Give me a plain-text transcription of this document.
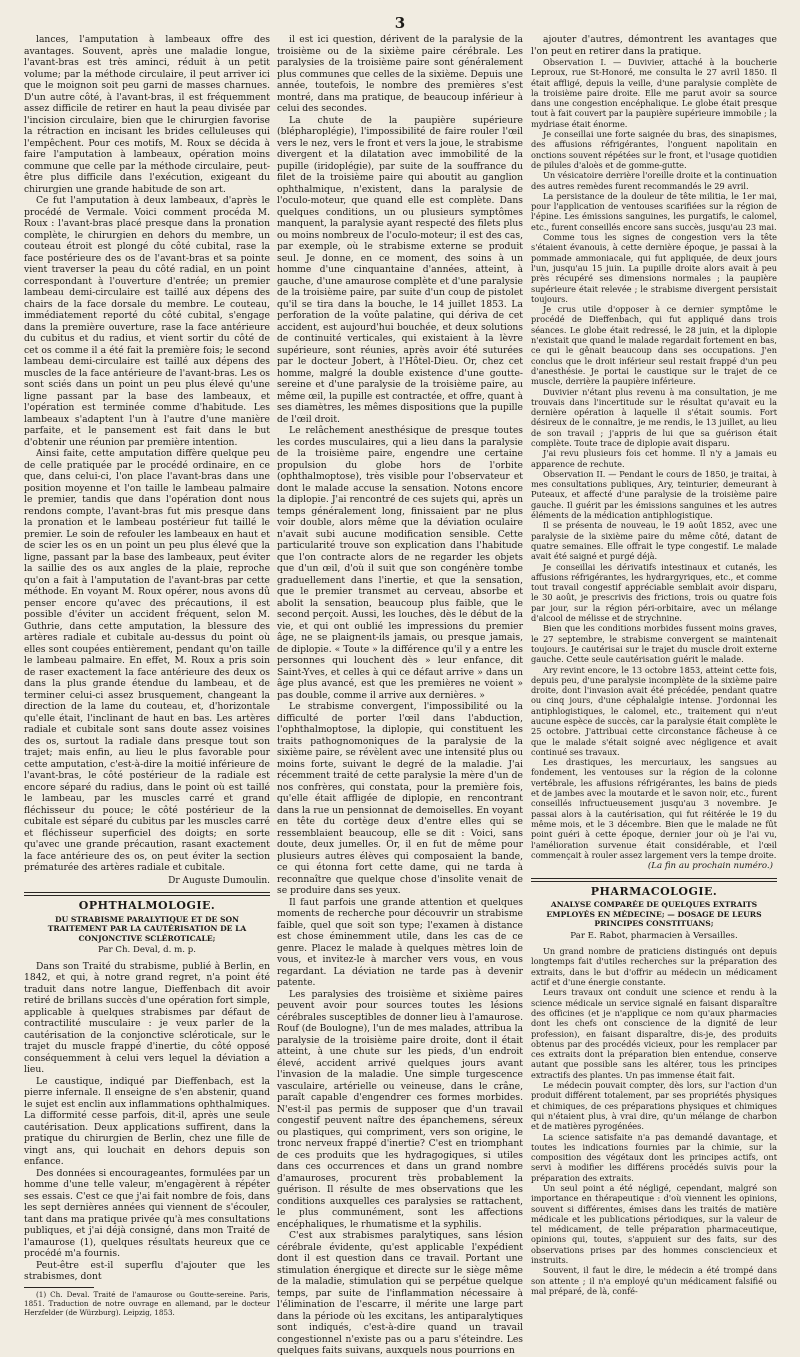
3

lances, l'amputation à lambeaux offre des avantages. Souvent, après une maladie longue, l'avant-bras est très aminci, réduit à un petit volume; par la méthode circulaire, il peut arriver ici que le moignon soit peu garni de masses charnues. D'un autre côté, à l'avant-bras, il est fréquemment assez difficile de retirer en haut la peau divisée par l'incision circulaire, bien que le chirurgien favorise la rétraction en incisant les brides celluleuses qui l'empêchent. Pour ces motifs, M. Roux se décida à faire l'amputation à lambeaux, opération moins commune que celle par la méthode circulaire, peut-être plus difficile dans l'exécution, exigeant du chirurgien une grande habitude de son art.

Ce fut l'amputation à deux lambeaux, d'après le procédé de Vermale. Voici comment procéda M. Roux : l'avant-bras placé presque dans la pronation complète, le chirurgien en dehors du membre, un couteau étroit est plongé du côté cubital, rase la face postérieure des os de l'avant-bras et sa pointe vient traverser la peau du côté radial, en un point correspondant à l'ouverture d'entrée; un premier lambeau demi-circulaire est taillé aux dépens des chairs de la face dorsale du membre. Le couteau, immédiatement reporté du côté cubital, s'engage dans la première ouverture, rase la face antérieure du cubitus et du radius, et vient sortir du côté de cet os comme il a été fait la première fois; le second lambeau demi-circulaire est taillé aux dépens des muscles de la face antérieure de l'avant-bras. Les os sont sciés dans un point un peu plus élevé qu'une ligne passant par la base des lambeaux, et l'opération est terminée comme d'habitude. Les lambeaux s'adaptent l'un à l'autre d'une manière parfaite, et le pansement est fait dans le but d'obtenir une réunion par première intention.

Ainsi faite, cette amputation diffère quelque peu de celle pratiquée par le procédé ordinaire, en ce que, dans celui-ci, l'on place l'avant-bras dans une position moyenne et l'on taille le lambeau palmaire le premier, tandis que dans l'opération dont nous rendons compte, l'avant-bras fut mis presque dans la pronation et le lambeau postérieur fut taillé le premier. Le soin de refouler les lambeaux en haut et de scier les os en un point un peu plus élevé que la ligne, passant par la base des lambeaux, peut éviter la saillie des os aux angles de la plaie, reproche qu'on a fait à l'amputation de l'avant-bras par cette méthode. En voyant M. Roux opérer, nous avons dû penser encore qu'avec des précautions, il est possible d'éviter un accident fréquent, selon M. Guthrie, dans cette amputation, la blessure des artères radiale et cubitale au-dessus du point où elles sont coupées entièrement, pendant qu'on taille le lambeau palmaire. En effet, M. Roux a pris soin de raser exactement la face antérieure des deux os dans la plus grande étendue du lambeau, et de terminer celui-ci assez brusquement, changeant la direction de la lame du couteau, et, d'horizontale qu'elle était, l'inclinant de haut en bas. Les artères radiale et cubitale sont sans doute assez voisines des os, surtout la radiale dans presque tout son trajet; mais enfin, au lieu le plus favorable pour cette amputation, c'est-à-dire la moitié inférieure de l'avant-bras, le côté postérieur de la radiale est encore séparé du radius, dans le point où est taillé le lambeau, par les muscles carré et grand fléchisseur du pouce; le côté postérieur de la cubitale est séparé du cubitus par les muscles carré et fléchisseur superficiel des doigts; en sorte qu'avec une grande précaution, rasant exactement la face antérieure des os, on peut éviter la section prématurée des artères radiale et cubitale.

Dr Auguste Dumoulin.
OPHTHALMOLOGIE.
DU STRABISME PARALYTIQUE ET DE SON TRAITEMENT PAR LA CAUTÉRISATION DE LA CONJONCTIVE SCLÉROTICALE;
Par Ch. Deval, d. m. p.

Dans son Traité du strabisme, publié à Berlin, en 1842, et qui, à notre grand regret, n'a point été traduit dans notre langue, Dieffenbach dit avoir retiré de brillans succès d'une opération fort simple, applicable à quelques strabismes par défaut de contractilité musculaire : je veux parler de la cautérisation de la conjonctive scléroticale, sur le trajet du muscle frappé d'inertie, du côté opposé conséquemment à celui vers lequel la déviation a lieu.

Le caustique, indiqué par Dieffenbach, est la pierre infernale. Il enseigne de s'en abstenir, quand le sujet est enclin aux inflammations ophthalmiques. La difformité cesse parfois, dit-il, après une seule cautérisation. Deux applications suffirent, dans la pratique du chirurgien de Berlin, chez une fille de vingt ans, qui louchait en dehors depuis son enfance.

Des données si encourageantes, formulées par un homme d'une telle valeur, m'engagèrent à répéter ses essais. C'est ce que j'ai fait nombre de fois, dans les sept dernières années qui viennent de s'écouler, tant dans ma pratique privée qu'à mes consultations publiques, et j'ai déjà consigné, dans mon Traité de l'amaurose (1), quelques résultats heureux que ce procédé m'a fournis.

Peut-être est-il superflu d'ajouter que les strabismes, dont

(1) Ch. Deval. Traité de l'amaurose ou Goutte-sereine. Paris, 1851. Traduction de notre ouvrage en allemand, par le docteur Herzfelder (de Würzburg). Leipzig, 1853.

il est ici question, dérivent de la paralysie de la troisième ou de la sixième paire cérébrale. Les paralysies de la troisième paire sont généralement plus communes que celles de la sixième. Depuis une année, toutefois, le nombre des premières s'est montré, dans ma pratique, de beaucoup inférieur à celui des secondes.

La chute de la paupière supérieure (blépharoplégie), l'impossibilité de faire rouler l'œil vers le nez, vers le front et vers la joue, le strabisme divergent et la dilatation avec immobilité de la pupille (iridoplégie), par suite de la souffrance du filet de la troisième paire qui aboutit au ganglion ophthalmique, n'existent, dans la paralysie de l'oculo-moteur, que quand elle est complète. Dans quelques conditions, un ou plusieurs symptômes manquent, la paralysie ayant respecté des filets plus ou moins nombreux de l'oculo-moteur; il est des cas, par exemple, où le strabisme externe se produit seul. Je donne, en ce moment, des soins à un homme d'une cinquantaine d'années, atteint, à gauche, d'une amaurose complète et d'une paralysie de la troisième paire, par suite d'un coup de pistolet qu'il se tira dans la bouche, le 14 juillet 1853. La perforation de la voûte palatine, qui dériva de cet accident, est aujourd'hui bouchée, et deux solutions de continuité verticales, qui existaient à la lèvre supérieure, sont réunies, après avoir été suturées par le docteur Jobert, à l'Hôtel-Dieu. Or, chez cet homme, malgré la double existence d'une goutte-sereine et d'une paralysie de la troisième paire, au même œil, la pupille est contractée, et offre, quant à ses diamètres, les mêmes dispositions que la pupille de l'œil droit.

Le relâchement anesthésique de presque toutes les cordes musculaires, qui a lieu dans la paralysie de la troisième paire, engendre une certaine propulsion du globe hors de l'orbite (ophthalmoptose), très visible pour l'observateur et dont le malade accuse la sensation. Notons encore la diplopie. J'ai rencontré de ces sujets qui, après un temps généralement long, finissaient par ne plus voir double, alors même que la déviation oculaire n'avait subi aucune modification sensible. Cette particularité trouve son explication dans l'habitude que l'on contracte alors de ne regarder les objets que d'un œil, d'où il suit que son congénère tombe graduellement dans l'inertie, et que la sensation, que le premier transmet au cerveau, absorbe et abolit la sensation, beaucoup plus faible, que le second perçoit. Aussi, les louches, dès le début de la vie, et qui ont oublié les impressions du premier âge, ne se plaignent-ils jamais, ou presque jamais, de diplopie. « Toute » la différence qu'il y a entre les personnes qui louchent dès » leur enfance, dit Saint-Yves, et celles à qui ce défaut arrive » dans un âge plus avancé, est que les premières ne voient » pas double, comme il arrive aux dernières. »

Le strabisme convergent, l'impossibilité ou la difficulté de porter l'œil dans l'abduction, l'ophthalmoptose, la diplopie, qui constituent les traits pathognomoniques de la paralysie de la sixième paire, se révèlent avec une intensité plus ou moins forte, suivant le degré de la maladie. J'ai récemment traité de cette paralysie la mère d'un de nos confrères, qui constata, pour la première fois, qu'elle était affligée de diplopie, en rencontrant dans la rue un pensionnat de demoiselles. En voyant en tête du cortège deux d'entre elles qui se ressemblaient beaucoup, elle se dit : Voici, sans doute, deux jumelles. Or, il en fut de même pour plusieurs autres élèves qui composaient la bande, ce qui étonna fort cette dame, qui ne tarda à reconnaître que quelque chose d'insolite venait de se produire dans ses yeux.

Il faut parfois une grande attention et quelques moments de recherche pour découvrir un strabisme faible, quel que soit son type; l'examen à distance est chose éminemment utile, dans les cas de ce genre. Placez le malade à quelques mètres loin de vous, et invitez-le à marcher vers vous, en vous regardant. La déviation ne tarde pas à devenir patente.

Les paralysies des troisième et sixième paires peuvent avoir pour sources toutes les lésions cérébrales susceptibles de donner lieu à l'amaurose. Rouf (de Boulogne), l'un de mes malades, attribua la paralysie de la troisième paire droite, dont il était atteint, à une chute sur les pieds, d'un endroit élevé, accident arrivé quelques jours avant l'invasion de la maladie. Une simple turgescence vasculaire, artérielle ou veineuse, dans le crâne, paraît capable d'engendrer ces formes morbides. N'est-il pas permis de supposer que d'un travail congestif peuvent naître des épanchemens, séreux ou plastiques, qui compriment, vers son origine, le tronc nerveux frappé d'inertie? C'est en triomphant de ces produits que les hydragogiques, si utiles dans ces occurrences et dans un grand nombre d'amauroses, procurent très probablement la guérison. Il résulte de mes observations que les conditions auxquelles ces paralysies se rattachent, le plus communément, sont les affections encéphaliques, le rhumatisme et la syphilis.

C'est aux strabismes paralytiques, sans lésion cérébrale évidente, qu'est applicable l'expédient dont il est question dans ce travail. Portant une stimulation énergique et directe sur le siège même de la maladie, stimulation qui se perpétue quelque temps, par suite de l'inflammation nécessaire à l'élimination de l'escarre, il mérite une large part dans la période où les excitans, les antiparalytiques sont indiqués, c'est-à-dire quand un travail congestionnel n'existe pas ou a paru s'éteindre. Les quelques faits suivans, auxquels nous pourrions en

ajouter d'autres, démontrent les avantages que l'on peut en retirer dans la pratique.

Observation I. — Duvivier, attaché à la boucherie Leproux, rue St-Honoré, me consulta le 27 avril 1850. Il était affligé, depuis la veille, d'une paralysie complète de la troisième paire droite. Elle me parut avoir sa source dans une congestion encéphalique. Le globe était presque tout à fait couvert par la paupière supérieure immobile ; la mydriase était énorme.

Je conseillai une forte saignée du bras, des sinapismes, des affusions réfrigérantes, l'onguent napolitain en onctions souvent répétées sur le front, et l'usage quotidien de pilules d'aloès et de gomme-gutte.

Un vésicatoire derrière l'oreille droite et la continuation des autres remèdes furent recommandés le 29 avril.

La persistance de la douleur de tête militia, le 1er mai, pour l'application de ventouses scarifiées sur la région de l'épine. Les émissions sanguines, les purgatifs, le calomel, etc., furent conseillés encore sans succès, jusqu'au 23 mai.

Comme tous les signes de congestion vers la tête s'étaient évanouis, à cette dernière époque, je passai à la pommade ammoniacale, qui fut appliquée, de deux jours l'un, jusqu'au 15 juin. La pupille droite alors avait à peu près récupéré ses dimensions normales ; la paupière supérieure était relevée ; le strabisme divergent persistait toujours.

Je crus utile d'opposer à ce dernier symptôme le procédé de Dieffenbach, qui fut appliqué dans trois séances. Le globe était redressé, le 28 juin, et la diplopie n'existait que quand le malade regardait fortement en bas, ce qui le gênait beaucoup dans ses occupations. J'en conclus que le droit inférieur seul restait frappé d'un peu d'anesthésie. Je portai le caustique sur le trajet de ce muscle, derrière la paupière inférieure.

Duvivier n'étant plus revenu à ma consultation, je me trouvais dans l'incertitude sur le résultat qu'avait eu la dernière opération à laquelle il s'était soumis. Fort désireux de le connaître, je me rendis, le 13 juillet, au lieu de son travail ; j'appris de lui que sa guérison était complète. Toute trace de diplopie avait disparu.

J'ai revu plusieurs fois cet homme. Il n'y a jamais eu apparence de rechute.

Observation II. — Pendant le cours de 1850, je traitai, à mes consultations publiques, Ary, teinturier, demeurant à Puteaux, et affecté d'une paralysie de la troisième paire gauche. Il guérit par les émissions sanguines et les autres éléments de la médication antiphlogistique.

Il se présenta de nouveau, le 19 août 1852, avec une paralysie de la sixième paire du même côté, datant de quatre semaines. Elle offrait le type congestif. Le malade avait été saigné et purgé déjà.

Je conseillai les dérivatifs intestinaux et cutanés, les affusions réfrigérantes, les hydrargyriques, etc., et comme tout travail congestif appréciable semblait avoir disparu, le 30 août, je prescrivis des frictions, trois ou quatre fois par jour, sur la région péri-orbitaire, avec un mélange d'alcool de mélisse et de strychnine.

Bien que les conditions morbides fussent moins graves, le 27 septembre, le strabisme convergent se maintenait toujours. Je cautérisai sur le trajet du muscle droit externe gauche. Cette seule cautérisation guérit le malade.

Ary revint encore, le 13 octobre 1853, atteint cette fois, depuis peu, d'une paralysie incomplète de la sixième paire droite, dont l'invasion avait été précédée, pendant quatre ou cinq jours, d'une céphalalgie intense. J'ordonnai les antiphlogistiques, le calomel, etc., traitement qui n'eut aucune espèce de succès, car la paralysie était complète le 25 octobre. J'attribuai cette circonstance fâcheuse à ce que le malade s'était soigné avec négligence et avait continué ses travaux.

Les drastiques, les mercuriaux, les sangsues au fondement, les ventouses sur la région de la colonne vertébrale, les affusions réfrigérantes, les bains de pieds et de jambes avec la moutarde et le savon noir, etc., furent conseillés infructueusement jusqu'au 3 novembre. Je passai alors à la cautérisation, qui fut réitérée le 19 du même mois, et le 3 décembre. Bien que le malade ne fût point guéri à cette époque, dernier jour où je l'ai vu, l'amélioration survenue était considérable, et l'œil commençait à rouler assez largement vers la tempe droite.

(La fin au prochain numéro.)
PHARMACOLOGIE.
ANALYSE COMPARÉE DE QUELQUES EXTRAITS EMPLOYÉS EN MÉDECINE; — DOSAGE DE LEURS PRINCIPES CONSTITUANS;
Par E. Rabot, pharmacien à Versailles.

Un grand nombre de praticiens distingués ont depuis longtemps fait d'utiles recherches sur la préparation des extraits, dans le but d'offrir au médecin un médicament actif et d'une énergie constante.

Leurs travaux ont conduit une science et rendu à la science médicale un service signalé en faisant disparaître des officines (et je n'applique ce nom qu'aux pharmacies dont les chefs ont conscience de la dignité de leur profession), en faisant disparaître, dis-je, des produits obtenus par des procédés vicieux, pour les remplacer par ces extraits dont la préparation bien entendue, conserve autant que possible sans les altérer, tous les principes extractifs des plantes. Un pas immense était fait.

Le médecin pouvait compter, dès lors, sur l'action d'un produit différent totalement, par ses propriétés physiques et chimiques, de ces préparations physiques et chimiques qui n'étaient plus, à vrai dire, qu'un mélange de charbon et de matières pyrogénées.

La science satisfaite n'a pas demandé davantage, et toutes les indications fournies par la chimie, sur la composition des végétaux dont les principes actifs, ont servi à modifier les différens procédés suivis pour la préparation des extraits.

Un seul point a été négligé, cependant, malgré son importance en thérapeutique : d'où viennent les opinions, souvent si différentes, émises dans les traités de matière médicale et les publications périodiques, sur la valeur de tel médicament, de telle préparation pharmaceutique, opinions qui, toutes, s'appuient sur des faits, sur des observations prises par des hommes consciencieux et instruits.

Souvent, il faut le dire, le médecin a été trompé dans son attente ; il n'a employé qu'un médicament falsifié ou mal préparé, de là, confé-
